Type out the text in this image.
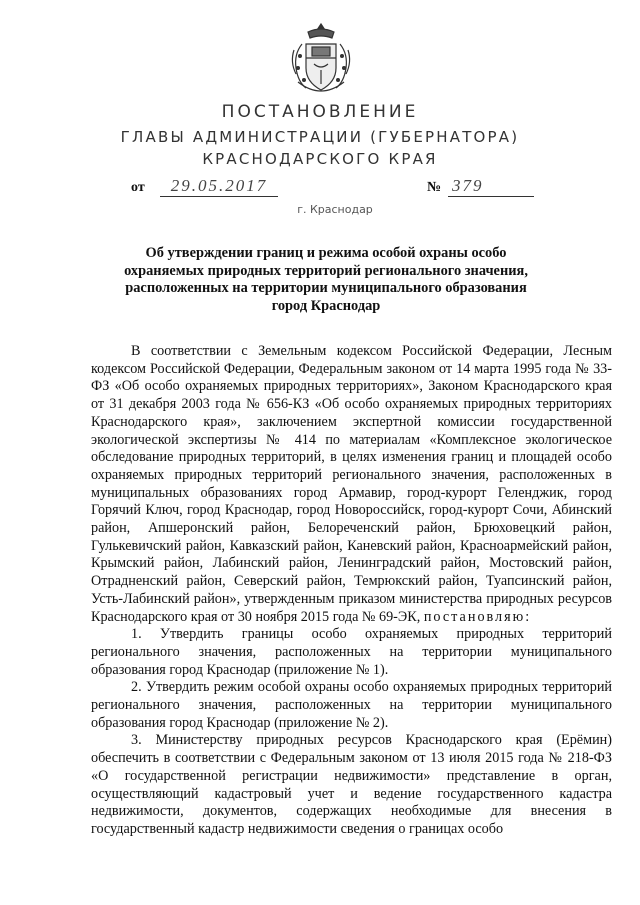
ПОСТАНОВЛЕНИЕ
ГЛАВЫ АДМИНИСТРАЦИИ (ГУБЕРНАТОРА)
КРАСНОДАРСКОГО КРАЯ
от	29.05.2017	№ 379
г. Краснодар
Об утверждении границ и режима особой охраны особо охраняемых природных территорий регионального значения, расположенных на территории муниципального образования город Краснодар

В соответствии с Земельным кодексом Российской Федерации, Лесным кодексом Российской Федерации, Федеральным законом от 14 марта 1995 года № 33-ФЗ «Об особо охраняемых природных территориях», Законом Краснодарского края от 31 декабря 2003 года № 656-КЗ «Об особо охраняемых природных территориях Краснодарского края», заключением экспертной комиссии государственной экологической экспертизы № 414 по материалам «Комплексное экологическое обследование природных территорий, в целях изменения границ и площадей особо охраняемых природных территорий регионального значения, расположенных в муниципальных образованиях город Армавир, город-курорт Геленджик, город Горячий Ключ, город Краснодар, город Новороссийск, город-курорт Сочи, Абинский район, Апшеронский район, Белореченский район, Брюховецкий район, Гулькевичский район, Кавказский район, Каневский район, Красноармейский район, Крымский район, Лабинский район, Ленинградский район, Мостовский район, Отрадненский район, Северский район, Темрюкский район, Туапсинский район, Усть-Лабинский район», утвержденным приказом министерства природных ресурсов Краснодарского края от 30 ноября 2015 года № 69-ЭК, постановляю:

1. Утвердить границы особо охраняемых природных территорий регионального значения, расположенных на территории муниципального образования город Краснодар (приложение № 1).

2. Утвердить режим особой охраны особо охраняемых природных территорий регионального значения, расположенных на территории муниципального образования город Краснодар (приложение № 2).

3. Министерству природных ресурсов Краснодарского края (Ерёмин) обеспечить в соответствии с Федеральным законом от 13 июля 2015 года № 218-ФЗ «О государственной регистрации недвижимости» представление в орган, осуществляющий кадастровый учет и ведение государственного кадастра недвижимости, документов, содержащих необходимые для внесения в государственный кадастр недвижимости сведения о границах особо
